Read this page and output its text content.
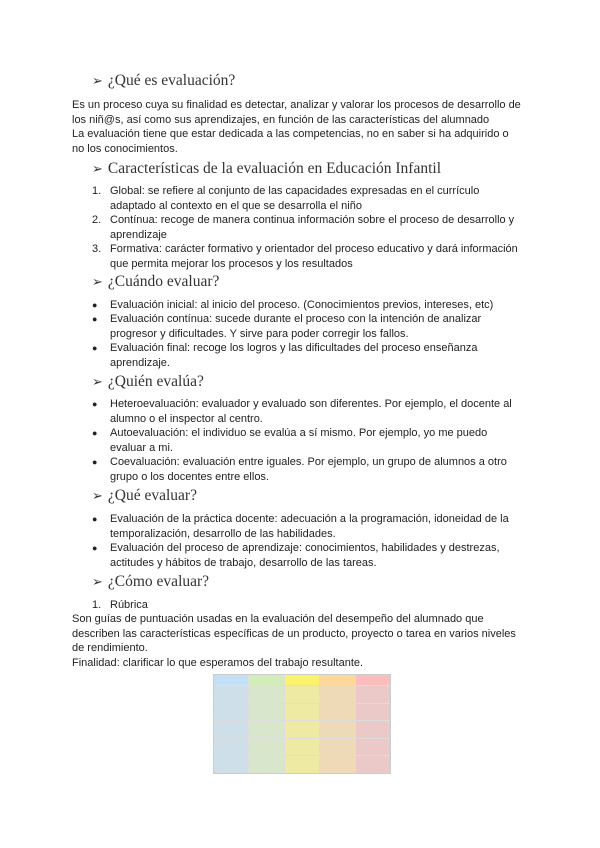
➢ ¿Qué es evaluación?
Es un proceso cuya su finalidad es detectar, analizar y valorar los procesos de desarrollo de
los niñ@s, así como sus aprendizajes, en función de las características del alumnado
La evaluación tiene que estar dedicada a las competencias, no en saber si ha adquirido o
no los conocimientos.
➢ Características de la evaluación en Educación Infantil
1. Global: se refiere al conjunto de las capacidades expresadas en el currículo
adaptado al contexto en el que se desarrolla el niño
2. Contínua: recoge de manera continua información sobre el proceso de desarrollo y
aprendizaje
3. Formativa: carácter formativo y orientador del proceso educativo y dará información
que permita mejorar los procesos y los resultados
➢ ¿Cuándo evaluar?
●	Evaluación inicial: al inicio del proceso. (Conocimientos previos, intereses, etc)
●	Evaluación contínua: sucede durante el proceso con la intención de analizar
progresor y dificultades. Y sirve para poder corregir los fallos.
●	Evaluación final: recoge los logros y las dificultades del proceso enseñanza
aprendizaje.
➢ ¿Quién evalúa?
●	Heteroevaluación: evaluador y evaluado son diferentes. Por ejemplo, el docente al
alumno o el inspector al centro.
●	Autoevaluación: el individuo se evalúa a sí mismo. Por ejemplo, yo me puedo
evaluar a mi.
●	Coevaluación: evaluación entre iguales. Por ejemplo, un grupo de alumnos a otro
grupo o los docentes entre ellos.
➢ ¿Qué evaluar?
●	Evaluación de la práctica docente: adecuación a la programación, idoneidad de la
temporalización, desarrollo de las habilidades.
●	Evaluación del proceso de aprendizaje: conocimientos, habilidades y destrezas,
actitudes y hábitos de trabajo, desarrollo de las tareas.
➢ ¿Cómo evaluar?
1. Rúbrica
Son guías de puntuación usadas en la evaluación del desempeño del alumnado que
describen las características específicas de un producto, proyecto o tarea en varios niveles
de rendimiento.
Finalidad: clarificar lo que esperamos del trabajo resultante.
